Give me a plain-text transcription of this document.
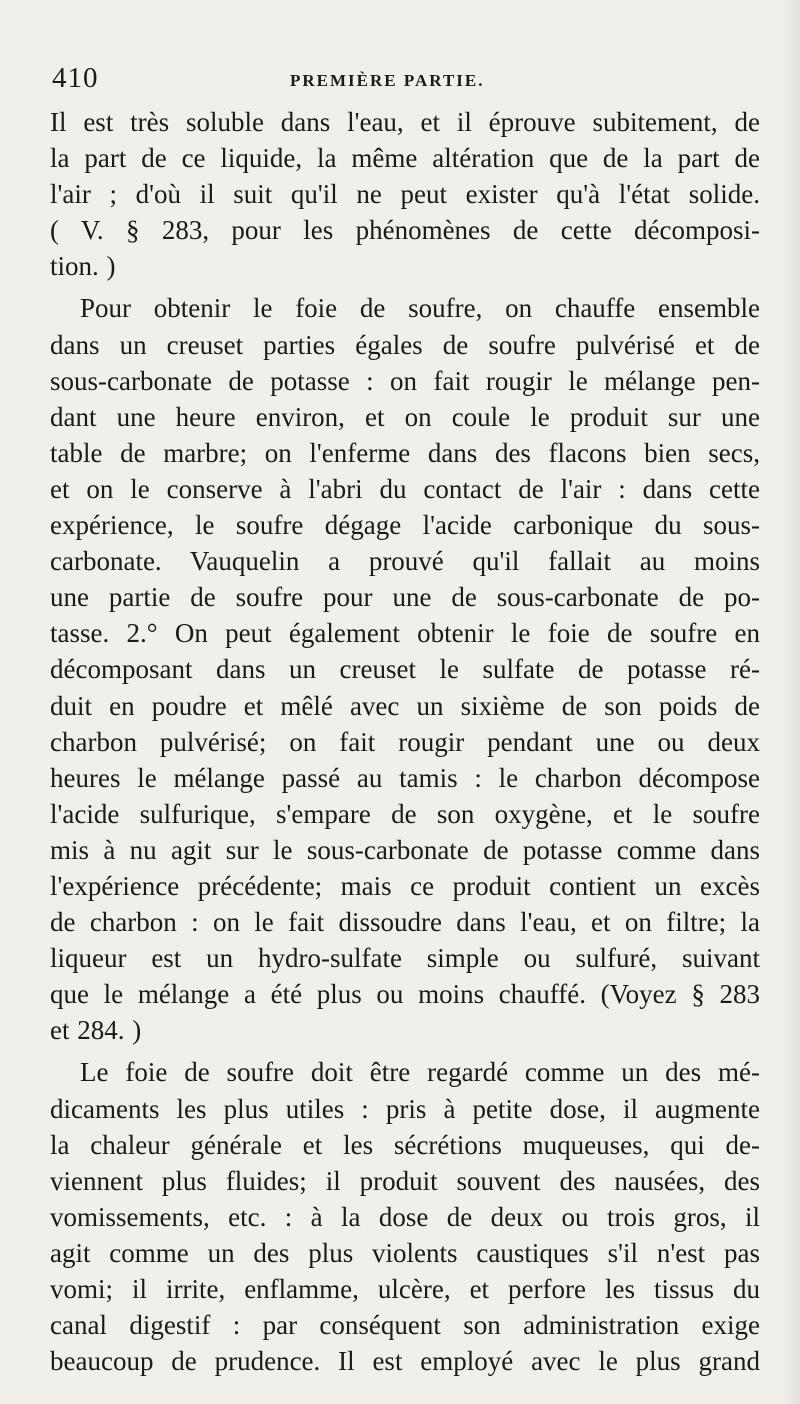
410	PREMIÈRE PARTIE.
Il est très soluble dans l'eau, et il éprouve subitement, de
la part de ce liquide, la même altération que de la part de
l'air ; d'où il suit qu'il ne peut exister qu'à l'état solide.
( V. § 283, pour les phénomènes de cette décomposi-
tion. )
Pour obtenir le foie de soufre, on chauffe ensemble
dans un creuset parties égales de soufre pulvérisé et de
sous-carbonate de potasse : on fait rougir le mélange pen-
dant une heure environ, et on coule le produit sur une
table de marbre; on l'enferme dans des flacons bien secs,
et on le conserve à l'abri du contact de l'air : dans cette
expérience, le soufre dégage l'acide carbonique du sous-
carbonate. Vauquelin a prouvé qu'il fallait au moins
une partie de soufre pour une de sous-carbonate de po-
tasse. 2.° On peut également obtenir le foie de soufre en
décomposant dans un creuset le sulfate de potasse ré-
duit en poudre et mêlé avec un sixième de son poids de
charbon pulvérisé; on fait rougir pendant une ou deux
heures le mélange passé au tamis : le charbon décompose
l'acide sulfurique, s'empare de son oxygène, et le soufre
mis à nu agit sur le sous-carbonate de potasse comme dans
l'expérience précédente; mais ce produit contient un excès
de charbon : on le fait dissoudre dans l'eau, et on filtre; la
liqueur est un hydro-sulfate simple ou sulfuré, suivant
que le mélange a été plus ou moins chauffé. (Voyez § 283
et 284. )
Le foie de soufre doit être regardé comme un des mé-
dicaments les plus utiles : pris à petite dose, il augmente
la chaleur générale et les sécrétions muqueuses, qui de-
viennent plus fluides; il produit souvent des nausées, des
vomissements, etc. : à la dose de deux ou trois gros, il
agit comme un des plus violents caustiques s'il n'est pas
vomi; il irrite, enflamme, ulcère, et perfore les tissus du
canal digestif : par conséquent son administration exige
beaucoup de prudence. Il est employé avec le plus grand
